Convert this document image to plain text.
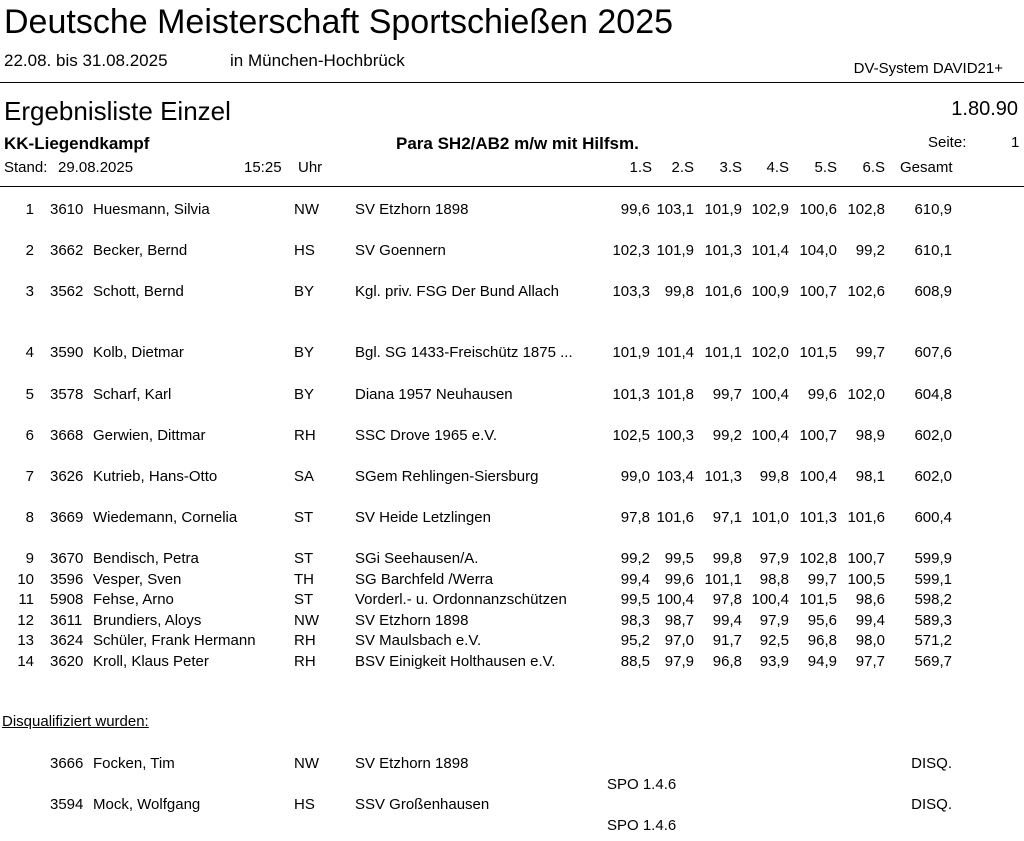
Deutsche Meisterschaft Sportschießen 2025
22.08. bis 31.08.2025	in München-Hochbrück	DV-System DAVID21+
Ergebnisliste Einzel	1.80.90
KK-Liegendkampf	Para SH2/AB2 m/w mit Hilfsm.	Seite:	1
Stand: 29.08.2025	15:25 Uhr	1.S	2.S	3.S	4.S	5.S	6.S Gesamt
1 3610 Huesmann, Silvia	NW SV Etzhorn 1898	99,6 103,1 101,9 102,9 100,6 102,8 610,9
2 3662 Becker, Bernd	HS	SV Goennern	102,3 101,9 101,3 101,4 104,0 99,2 610,1
3 3562 Schott, Bernd	BY	Kgl. priv. FSG Der Bund Allach	103,3 99,8 101,6 100,9 100,7 102,6 608,9
4 3590 Kolb, Dietmar	BY	Bgl. SG 1433-Freischütz 1875 ...	101,9 101,4 101,1 102,0 101,5 99,7 607,6
5 3578 Scharf, Karl	BY	Diana 1957 Neuhausen	101,3 101,8 99,7 100,4 99,6 102,0 604,8
6 3668 Gerwien, Dittmar	RH	SSC Drove 1965 e.V.	102,5 100,3 99,2 100,4 100,7 98,9 602,0
7 3626 Kutrieb, Hans-Otto	SA	SGem Rehlingen-Siersburg	99,0 103,4 101,3 99,8 100,4 98,1 602,0
8 3669 Wiedemann, Cornelia	ST	SV Heide Letzlingen	97,8 101,6 97,1 101,0 101,3 101,6 600,4
9 3670 Bendisch, Petra	ST	SGi Seehausen/A.	99,2 99,5 99,8 97,9 102,8 100,7 599,9
10 3596 Vesper, Sven	TH	SG Barchfeld /Werra	99,4 99,6 101,1 98,8 99,7 100,5 599,1
11 5908 Fehse, Arno	ST	Vorderl.- u. Ordonnanzschützen	99,5 100,4 97,8 100,4 101,5 98,6 598,2
12 3611 Brundiers, Aloys	NW SV Etzhorn 1898	98,3 98,7 99,4 97,9 95,6 99,4 589,3
13 3624 Schüler, Frank Hermann	RH	SV Maulsbach e.V.	95,2 97,0 91,7 92,5 96,8 98,0 571,2
14 3620 Kroll, Klaus Peter	RH	BSV Einigkeit Holthausen e.V.	88,5 97,9 96,8 93,9 94,9 97,7 569,7
Disqualifiziert wurden:
3666 Focken, Tim	NW SV Etzhorn 1898	DISQ.
SPO 1.4.6
3594 Mock, Wolfgang	HS	SSV Großenhausen	DISQ.
SPO 1.4.6
